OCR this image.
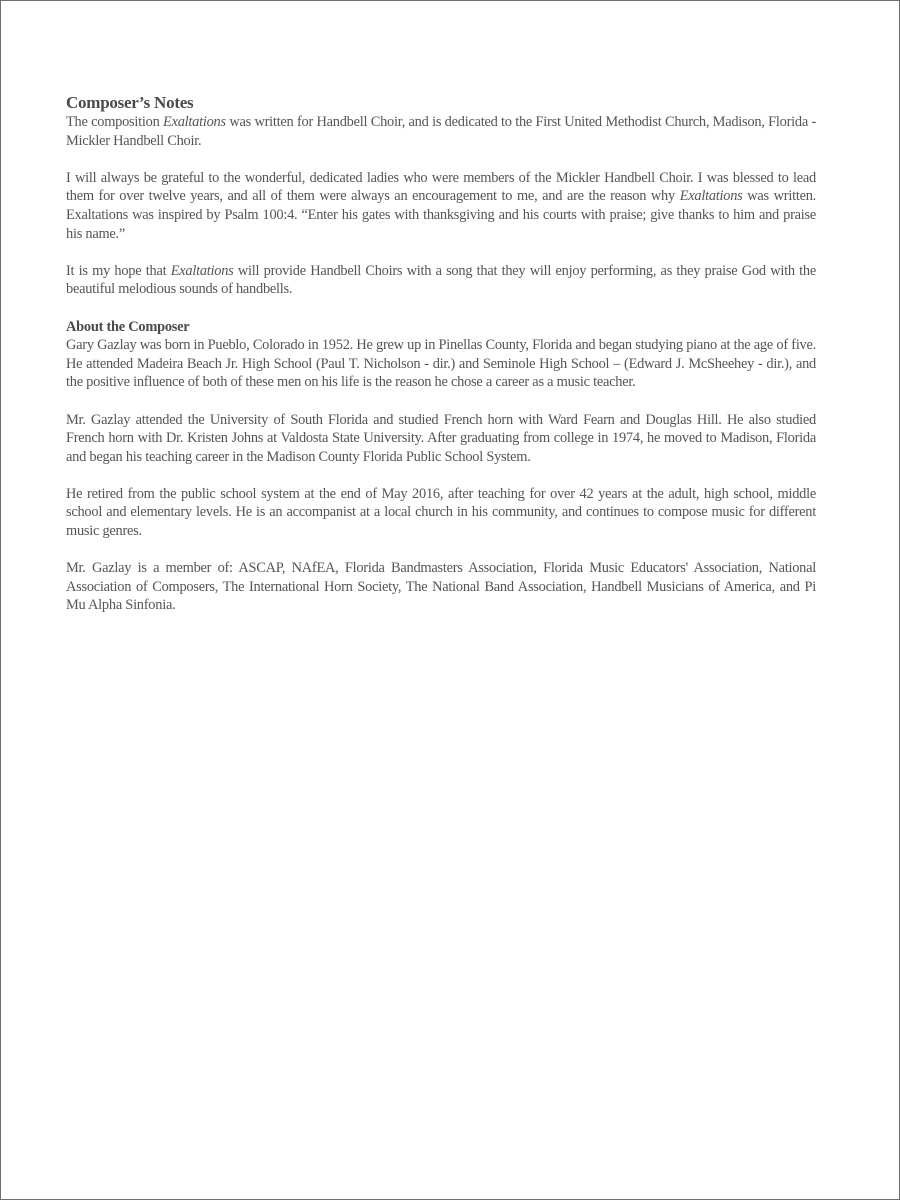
Composer’s Notes

The composition Exaltations was written for Handbell Choir, and is dedicated to the First United Methodist Church, Madison, Florida - Mickler Handbell Choir.

I will always be grateful to the wonderful, dedicated ladies who were members of the Mickler Handbell Choir. I was blessed to lead them for over twelve years, and all of them were always an encouragement to me, and are the reason why Exaltations was written. Exaltations was inspired by Psalm 100:4. “Enter his gates with thanksgiving and his courts with praise; give thanks to him and praise his name.”

It is my hope that Exaltations will provide Handbell Choirs with a song that they will enjoy performing, as they praise God with the beautiful melodious sounds of handbells.

About the Composer

Gary Gazlay was born in Pueblo, Colorado in 1952. He grew up in Pinellas County, Florida and began studying piano at the age of five. He attended Madeira Beach Jr. High School (Paul T. Nicholson - dir.) and Seminole High School – (Edward J. McSheehey - dir.), and the positive influence of both of these men on his life is the reason he chose a career as a music teacher.

Mr. Gazlay attended the University of South Florida and studied French horn with Ward Fearn and Douglas Hill. He also studied French horn with Dr. Kristen Johns at Valdosta State University. After graduating from college in 1974, he moved to Madison, Florida and began his teaching career in the Madison County Florida Public School System.

He retired from the public school system at the end of May 2016, after teaching for over 42 years at the adult, high school, middle school and elementary levels. He is an accompanist at a local church in his community, and continues to compose music for different music genres.

Mr. Gazlay is a member of: ASCAP, NAfEA, Florida Bandmasters Association, Florida Music Educators' Association, National Association of Composers, The International Horn Society, The National Band Association, Handbell Musicians of America, and Pi Mu Alpha Sinfonia.
